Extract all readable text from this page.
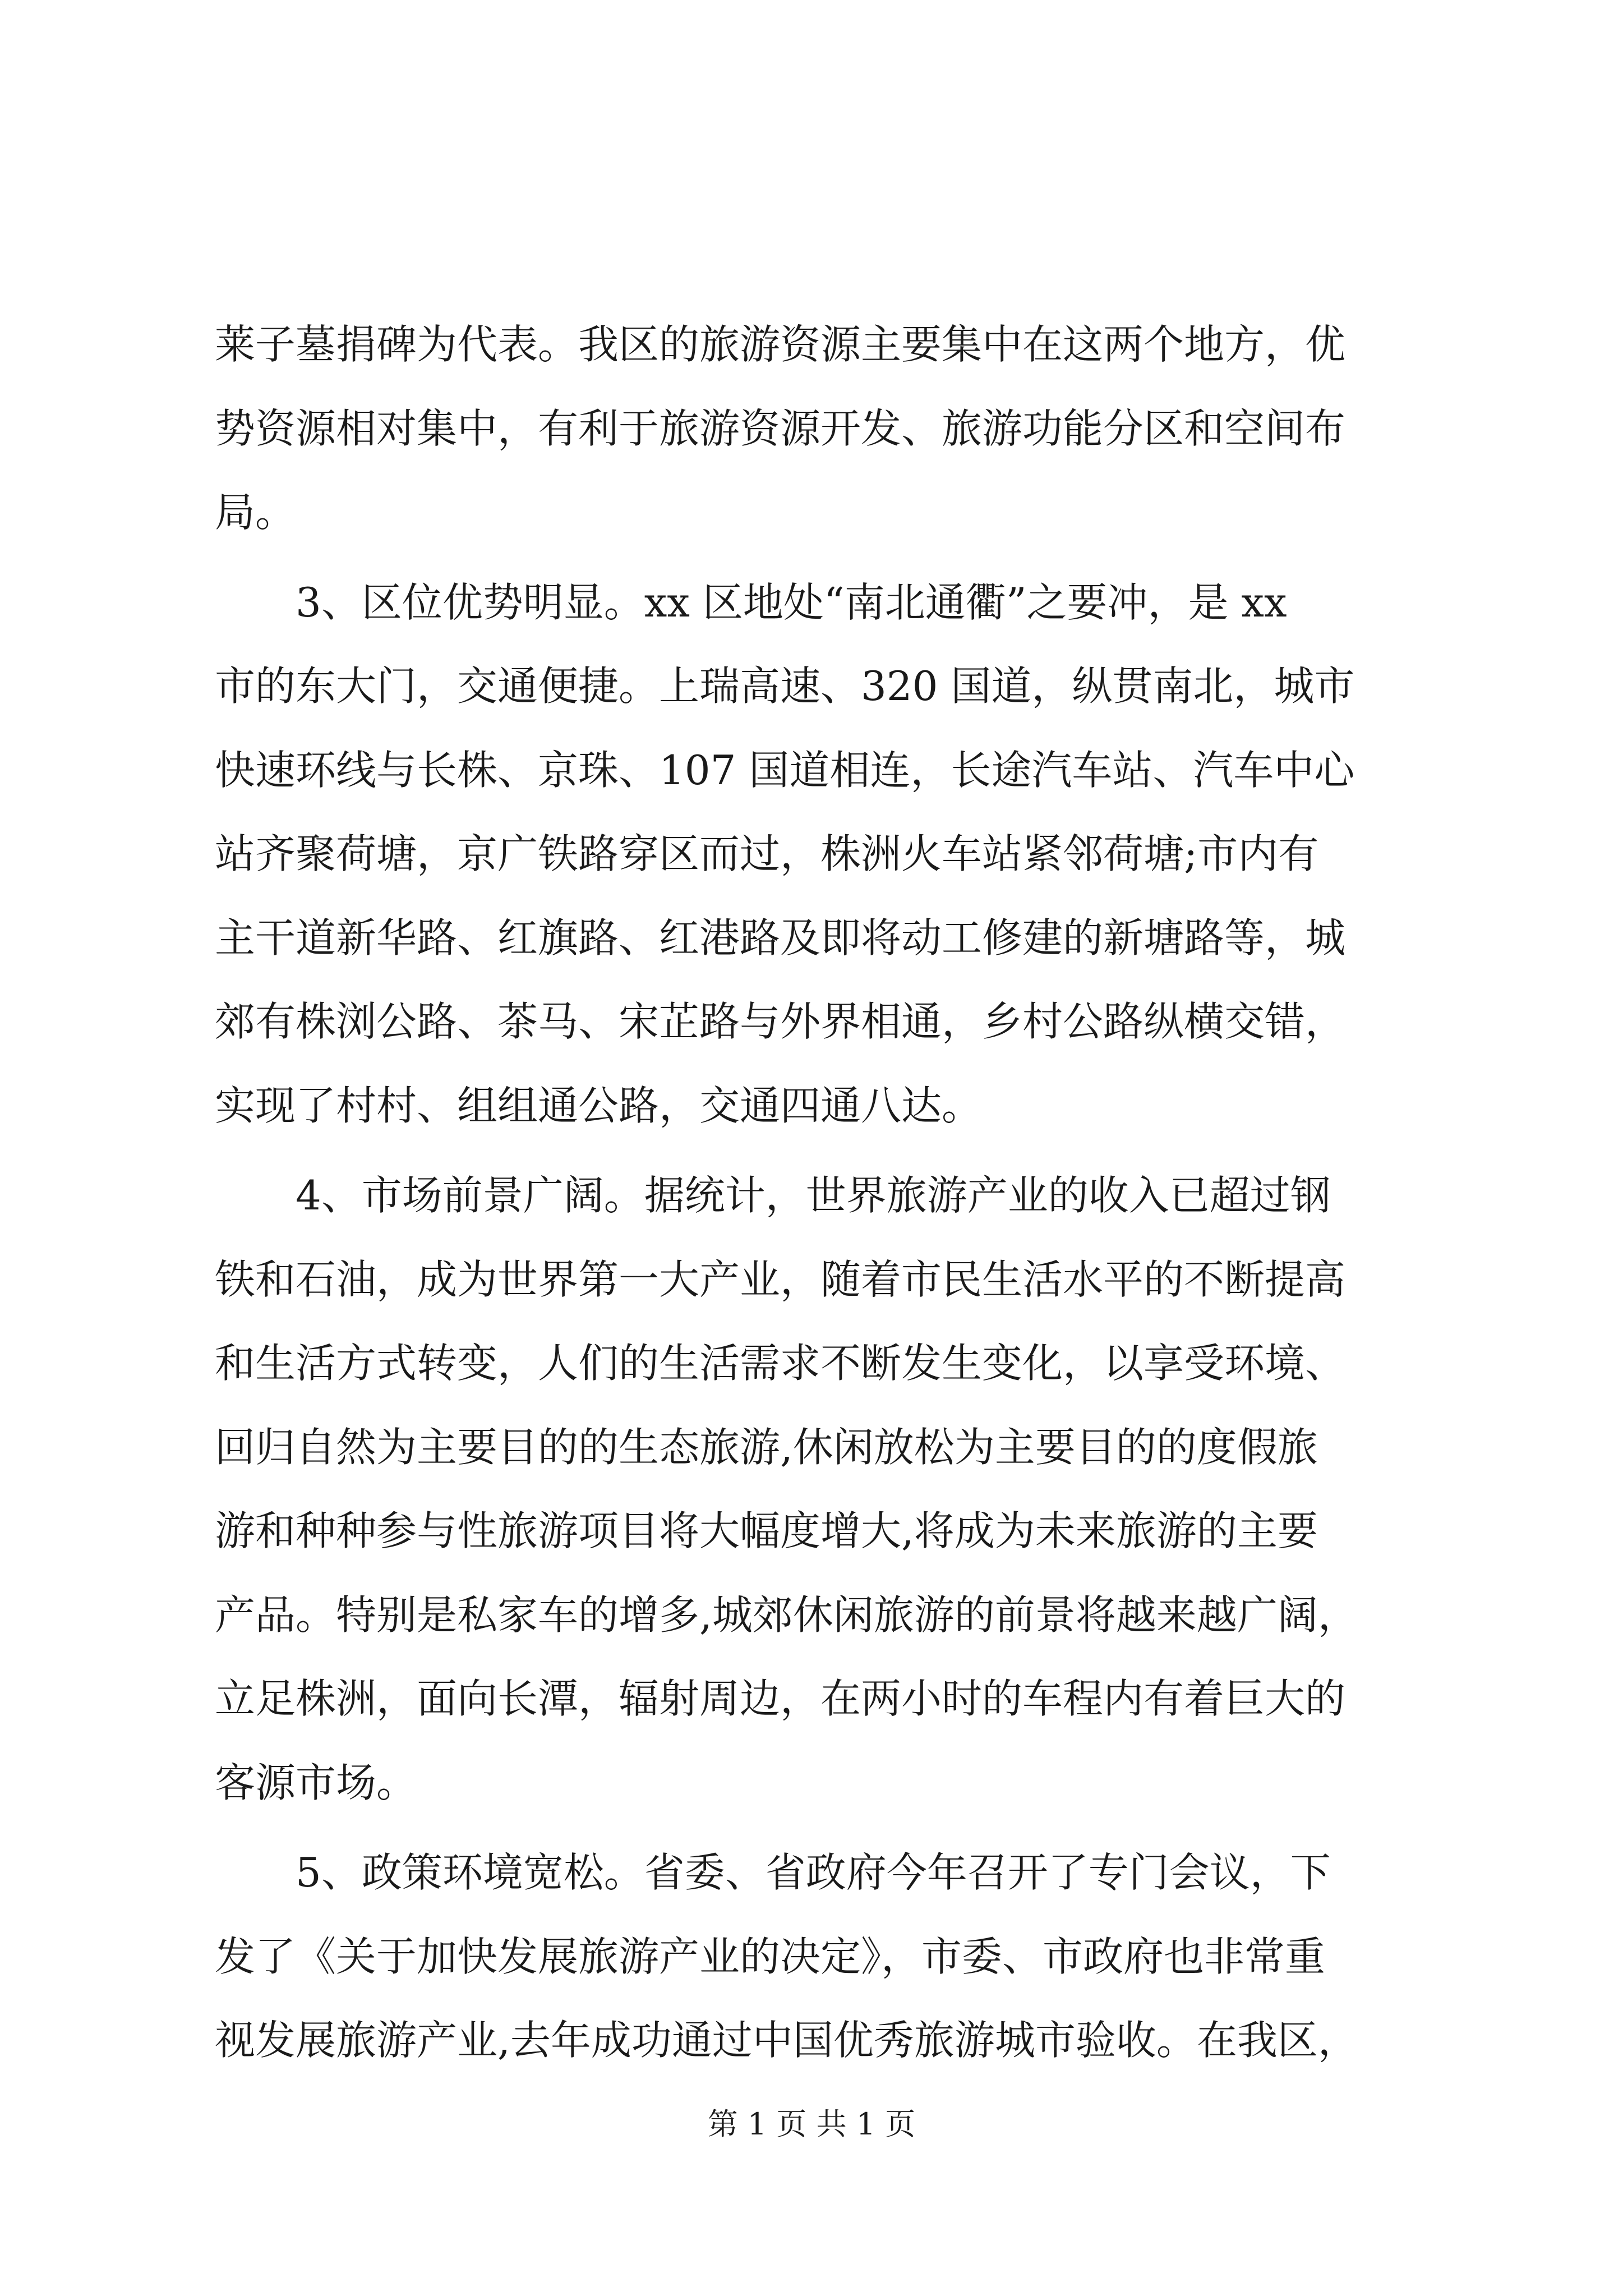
莱子墓捐碑为代表。我区的旅游资源主要集中在这两个地方，优
势资源相对集中，有利于旅游资源开发、旅游功能分区和空间布
局。
3、区位优势明显。xx 区地处“南北通衢”之要冲，是 xx
市的东大门，交通便捷。上瑞高速、320 国道，纵贯南北，城市
快速环线与长株、京珠、107 国道相连，长途汽车站、汽车中心
站齐聚荷塘，京广铁路穿区而过，株洲火车站紧邻荷塘;市内有
主干道新华路、红旗路、红港路及即将动工修建的新塘路等，城
郊有株浏公路、茶马、宋芷路与外界相通，乡村公路纵横交错，
实现了村村、组组通公路，交通四通八达。
4、市场前景广阔。据统计，世界旅游产业的收入已超过钢
铁和石油，成为世界第一大产业，随着市民生活水平的不断提高
和生活方式转变，人们的生活需求不断发生变化，以享受环境、
回归自然为主要目的的生态旅游,休闲放松为主要目的的度假旅
游和种种参与性旅游项目将大幅度增大,将成为未来旅游的主要
产品。特别是私家车的增多,城郊休闲旅游的前景将越来越广阔，
立足株洲，面向长潭，辐射周边，在两小时的车程内有着巨大的
客源市场。
5、政策环境宽松。省委、省政府今年召开了专门会议，下
发了《关于加快发展旅游产业的决定》，市委、市政府也非常重
视发展旅游产业,去年成功通过中国优秀旅游城市验收。在我区，
第 1 页 共 1 页
